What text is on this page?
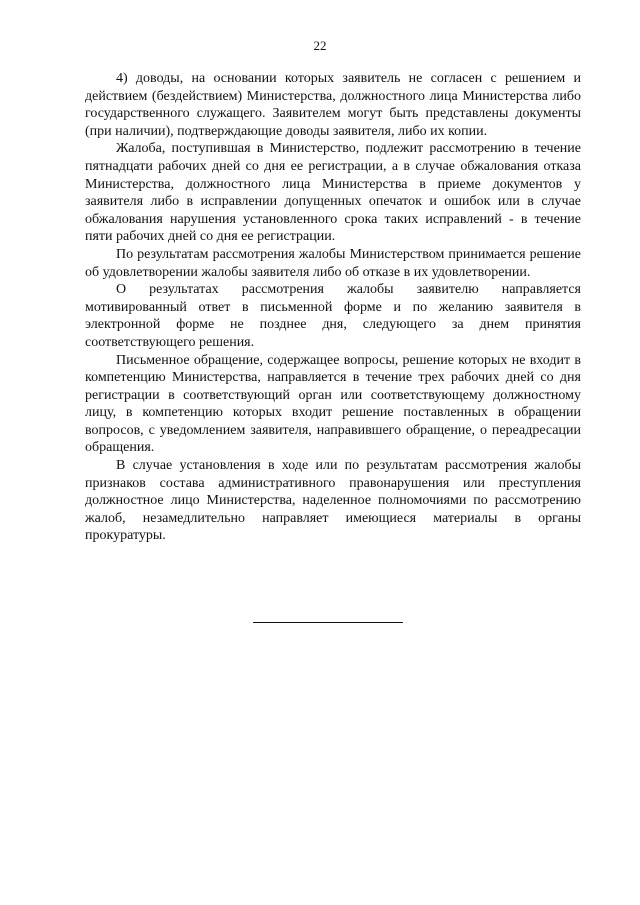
22

4) доводы, на основании которых заявитель не согласен с решением и действием (бездействием) Министерства, должностного лица Министерства либо государственного служащего. Заявителем могут быть представлены документы (при наличии), подтверждающие доводы заявителя, либо их копии.

Жалоба, поступившая в Министерство, подлежит рассмотрению в течение пятнадцати рабочих дней со дня ее регистрации, а в случае обжалования отказа Министерства, должностного лица Министерства в приеме документов у заявителя либо в исправлении допущенных опечаток и ошибок или в случае обжалования нарушения установленного срока таких исправлений - в течение пяти рабочих дней со дня ее регистрации.

По результатам рассмотрения жалобы Министерством принимается решение об удовлетворении жалобы заявителя либо об отказе в их удовлетворении.

О результатах рассмотрения жалобы заявителю направляется мотивированный ответ в письменной форме и по желанию заявителя в электронной форме не позднее дня, следующего за днем принятия соответствующего решения.

Письменное обращение, содержащее вопросы, решение которых не входит в компетенцию Министерства, направляется в течение трех рабочих дней со дня регистрации в соответствующий орган или соответствующему должностному лицу, в компетенцию которых входит решение поставленных в обращении вопросов, с уведомлением заявителя, направившего обращение, о переадресации обращения.

В случае установления в ходе или по результатам рассмотрения жалобы признаков состава административного правонарушения или преступления должностное лицо Министерства, наделенное полномочиями по рассмотрению жалоб, незамедлительно направляет имеющиеся материалы в органы прокуратуры.
